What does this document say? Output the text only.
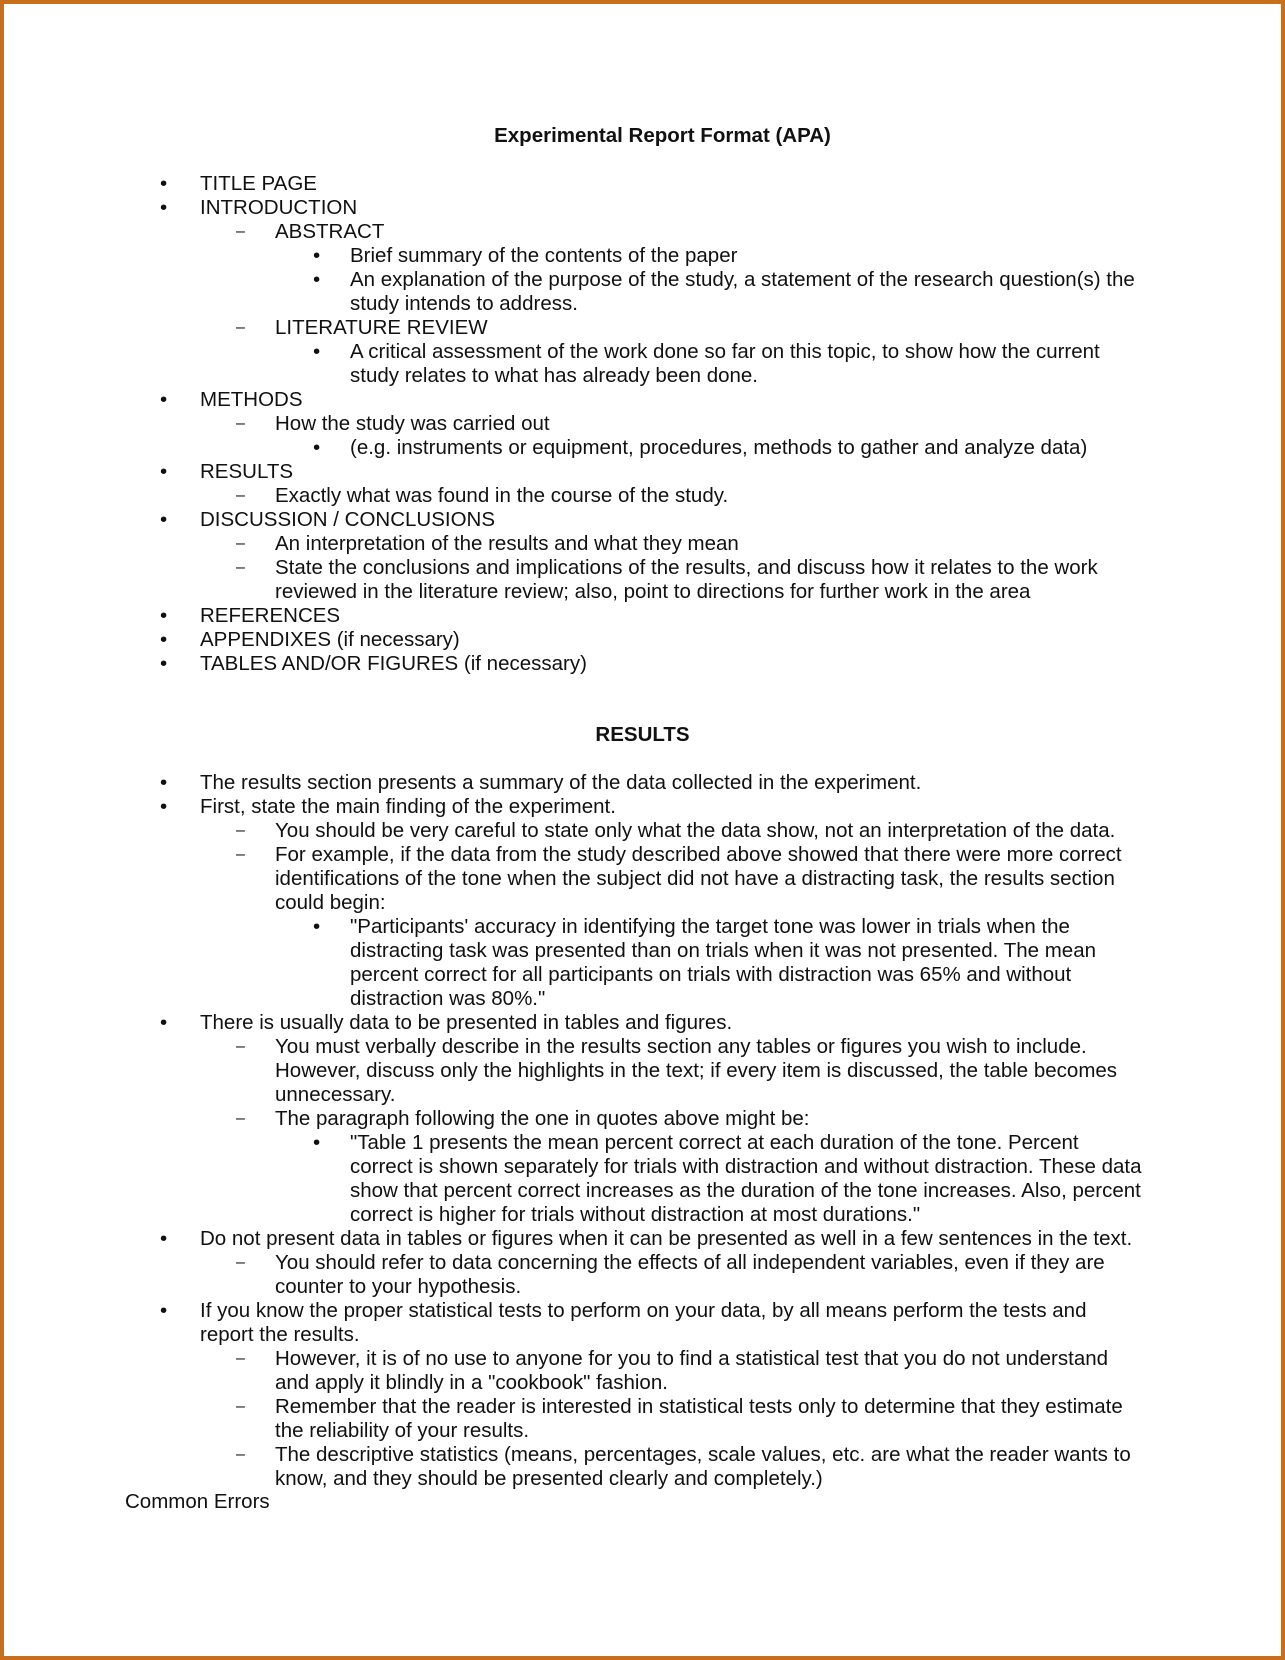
Experimental Report Format (APA)
• TITLE PAGE
• INTRODUCTION
– ABSTRACT
• Brief summary of the contents of the paper
• An explanation of the purpose of the study, a statement of the research question(s) the
study intends to address.
– LITERATURE REVIEW
• A critical assessment of the work done so far on this topic, to show how the current
study relates to what has already been done.
• METHODS
– How the study was carried out
• (e.g. instruments or equipment, procedures, methods to gather and analyze data)
• RESULTS
– Exactly what was found in the course of the study.
• DISCUSSION / CONCLUSIONS
– An interpretation of the results and what they mean
– State the conclusions and implications of the results, and discuss how it relates to the work
reviewed in the literature review; also, point to directions for further work in the area
• REFERENCES
• APPENDIXES (if necessary)
• TABLES AND/OR FIGURES (if necessary)
RESULTS
• The results section presents a summary of the data collected in the experiment.
• First, state the main finding of the experiment.
– You should be very careful to state only what the data show, not an interpretation of the data.
– For example, if the data from the study described above showed that there were more correct
identifications of the tone when the subject did not have a distracting task, the results section
could begin:
• "Participants' accuracy in identifying the target tone was lower in trials when the
distracting task was presented than on trials when it was not presented. The mean
percent correct for all participants on trials with distraction was 65% and without
distraction was 80%."
• There is usually data to be presented in tables and figures.
– You must verbally describe in the results section any tables or figures you wish to include.
However, discuss only the highlights in the text; if every item is discussed, the table becomes
unnecessary.
– The paragraph following the one in quotes above might be:
• "Table 1 presents the mean percent correct at each duration of the tone. Percent
correct is shown separately for trials with distraction and without distraction. These data
show that percent correct increases as the duration of the tone increases. Also, percent
correct is higher for trials without distraction at most durations."
• Do not present data in tables or figures when it can be presented as well in a few sentences in the text.
– You should refer to data concerning the effects of all independent variables, even if they are
counter to your hypothesis.
• If you know the proper statistical tests to perform on your data, by all means perform the tests and
report the results.
– However, it is of no use to anyone for you to find a statistical test that you do not understand
and apply it blindly in a "cookbook" fashion.
– Remember that the reader is interested in statistical tests only to determine that they estimate
the reliability of your results.
– The descriptive statistics (means, percentages, scale values, etc. are what the reader wants to
know, and they should be presented clearly and completely.)
Common Errors
